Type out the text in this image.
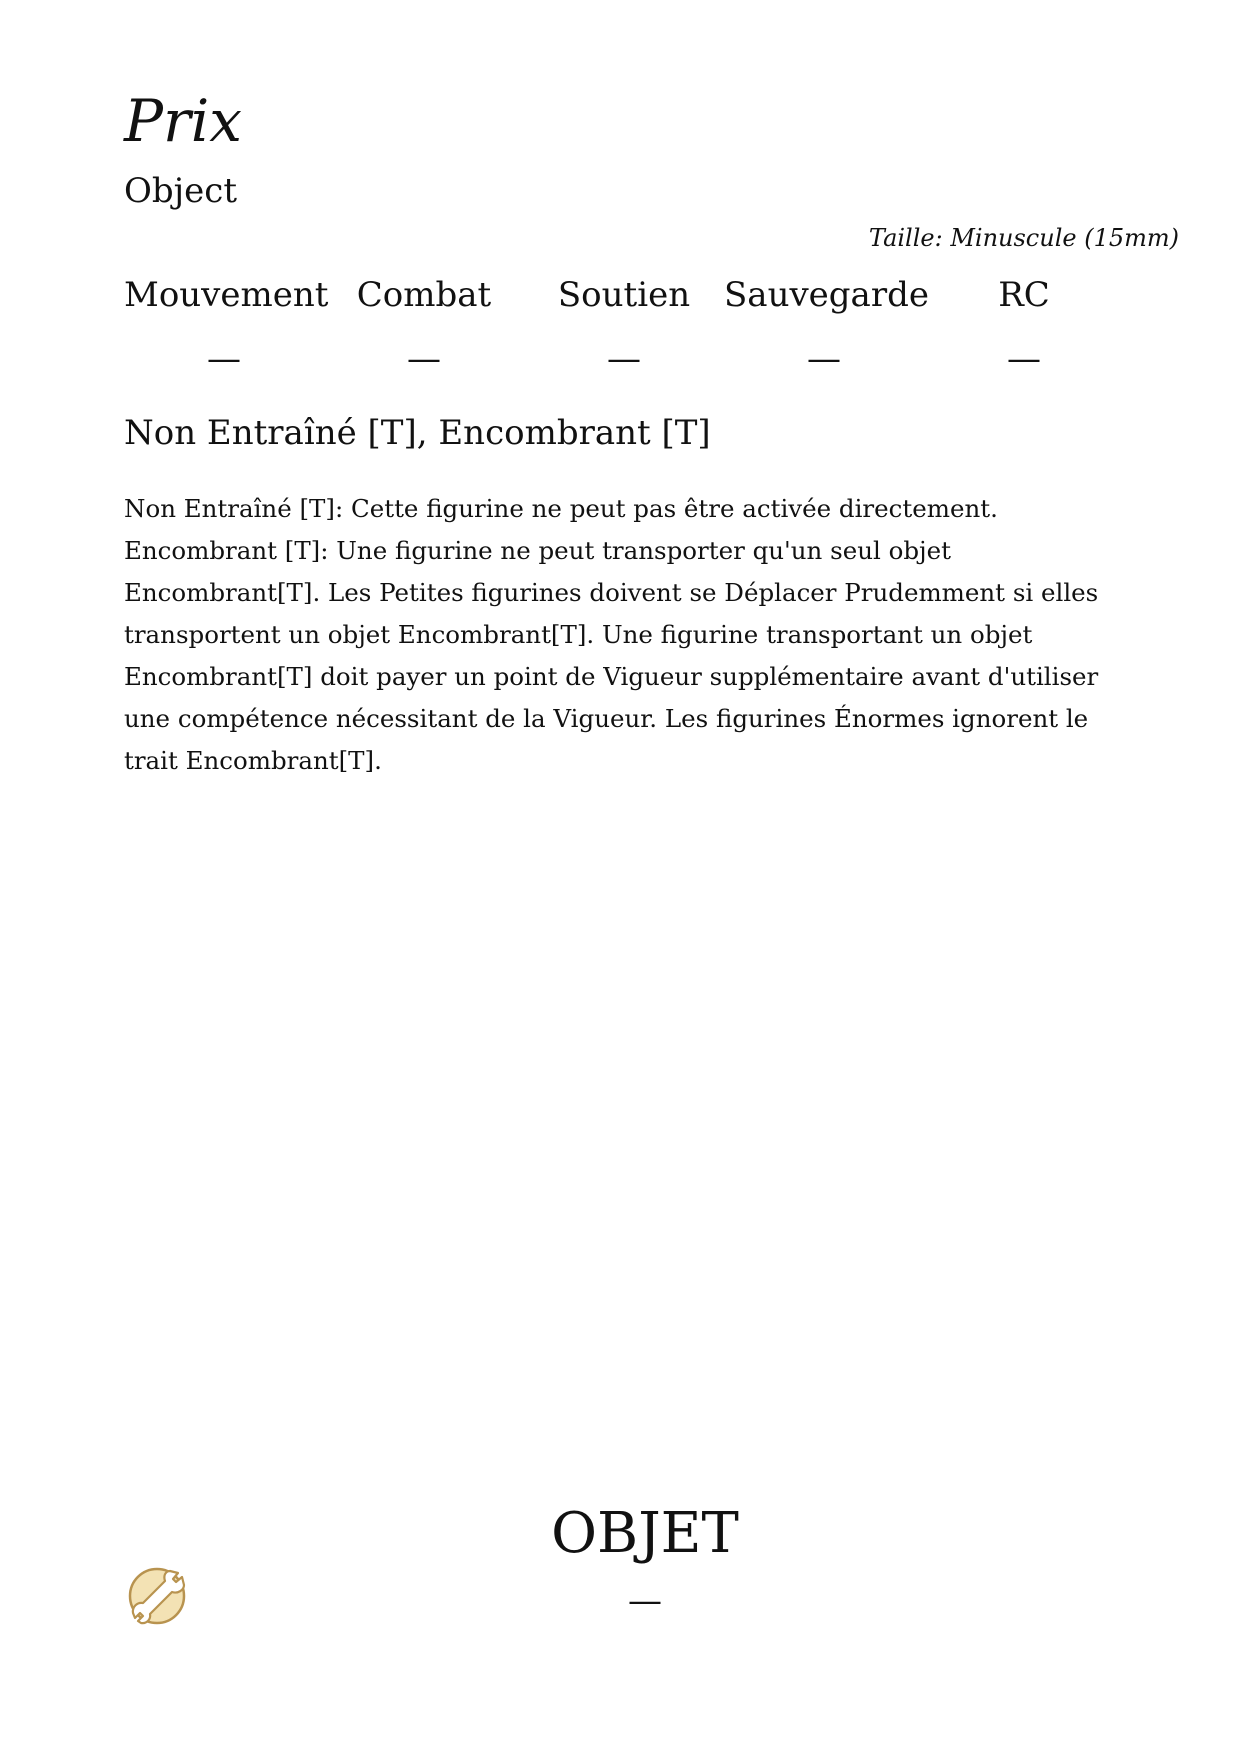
Prix
Object
Taille: Minuscule (15mm)
Mouvement
—
Combat
—
Soutien
—
Sauvegarde
—
RC
—
Non Entraîné [T], Encombrant [T]

Non Entraîné [T]: Cette figurine ne peut pas être activée directement.

Encombrant [T]: Une figurine ne peut transporter qu'un seul objet Encombrant[T]. Les Petites figurines doivent se Déplacer Prudemment si elles transportent un objet Encombrant[T]. Une figurine transportant un objet Encombrant[T] doit payer un point de Vigueur supplémentaire avant d'utiliser une compétence nécessitant de la Vigueur. Les figurines Énormes ignorent le trait Encombrant[T].

OBJET
—
